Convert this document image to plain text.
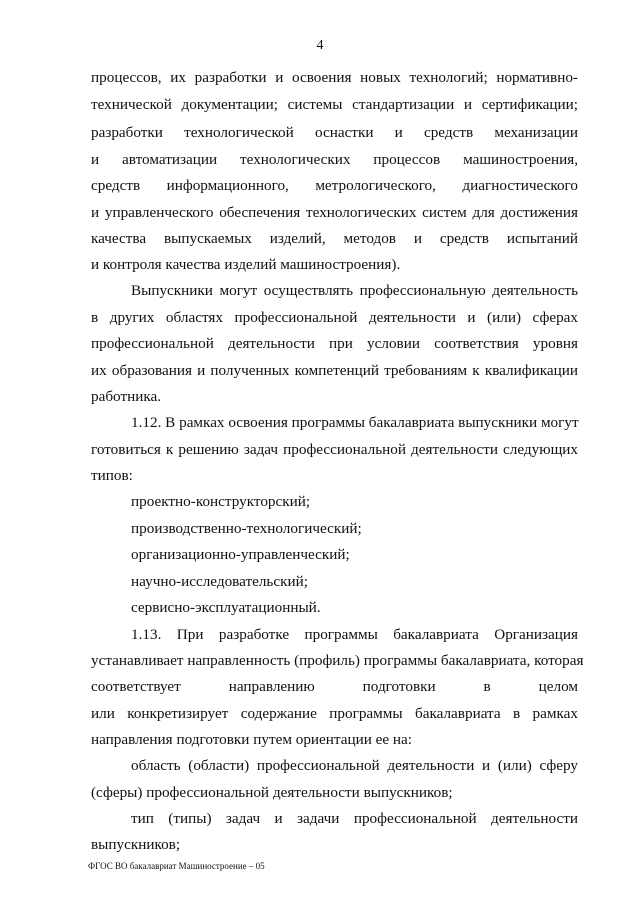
4
процессов, их разработки и освоения новых технологий; нормативно-
технической документации; системы стандартизации и сертификации;
разработки технологической оснастки и средств механизации
и автоматизации технологических процессов машиностроения,
средств информационного, метрологического, диагностического
и управленческого обеспечения технологических систем для достижения
качества выпускаемых изделий, методов и средств испытаний
и контроля качества изделий машиностроения).
Выпускники могут осуществлять профессиональную деятельность
в других областях профессиональной деятельности и (или) сферах
профессиональной деятельности при условии соответствия уровня
их образования и полученных компетенций требованиям к квалификации
работника.
1.12. В рамках освоения программы бакалавриата выпускники могут
готовиться к решению задач профессиональной деятельности следующих
типов:
проектно-конструкторский;
производственно-технологический;
организационно-управленческий;
научно-исследовательский;
сервисно-эксплуатационный.
1.13. При разработке программы бакалавриата Организация
устанавливает направленность (профиль) программы бакалавриата, которая
соответствует направлению подготовки в целом
или конкретизирует содержание программы бакалавриата в рамках
направления подготовки путем ориентации ее на:
область (области) профессиональной деятельности и (или) сферу
(сферы) профессиональной деятельности выпускников;
тип (типы) задач и задачи профессиональной деятельности
выпускников;
ФГОС ВО бакалавриат Машиностроение – 05
